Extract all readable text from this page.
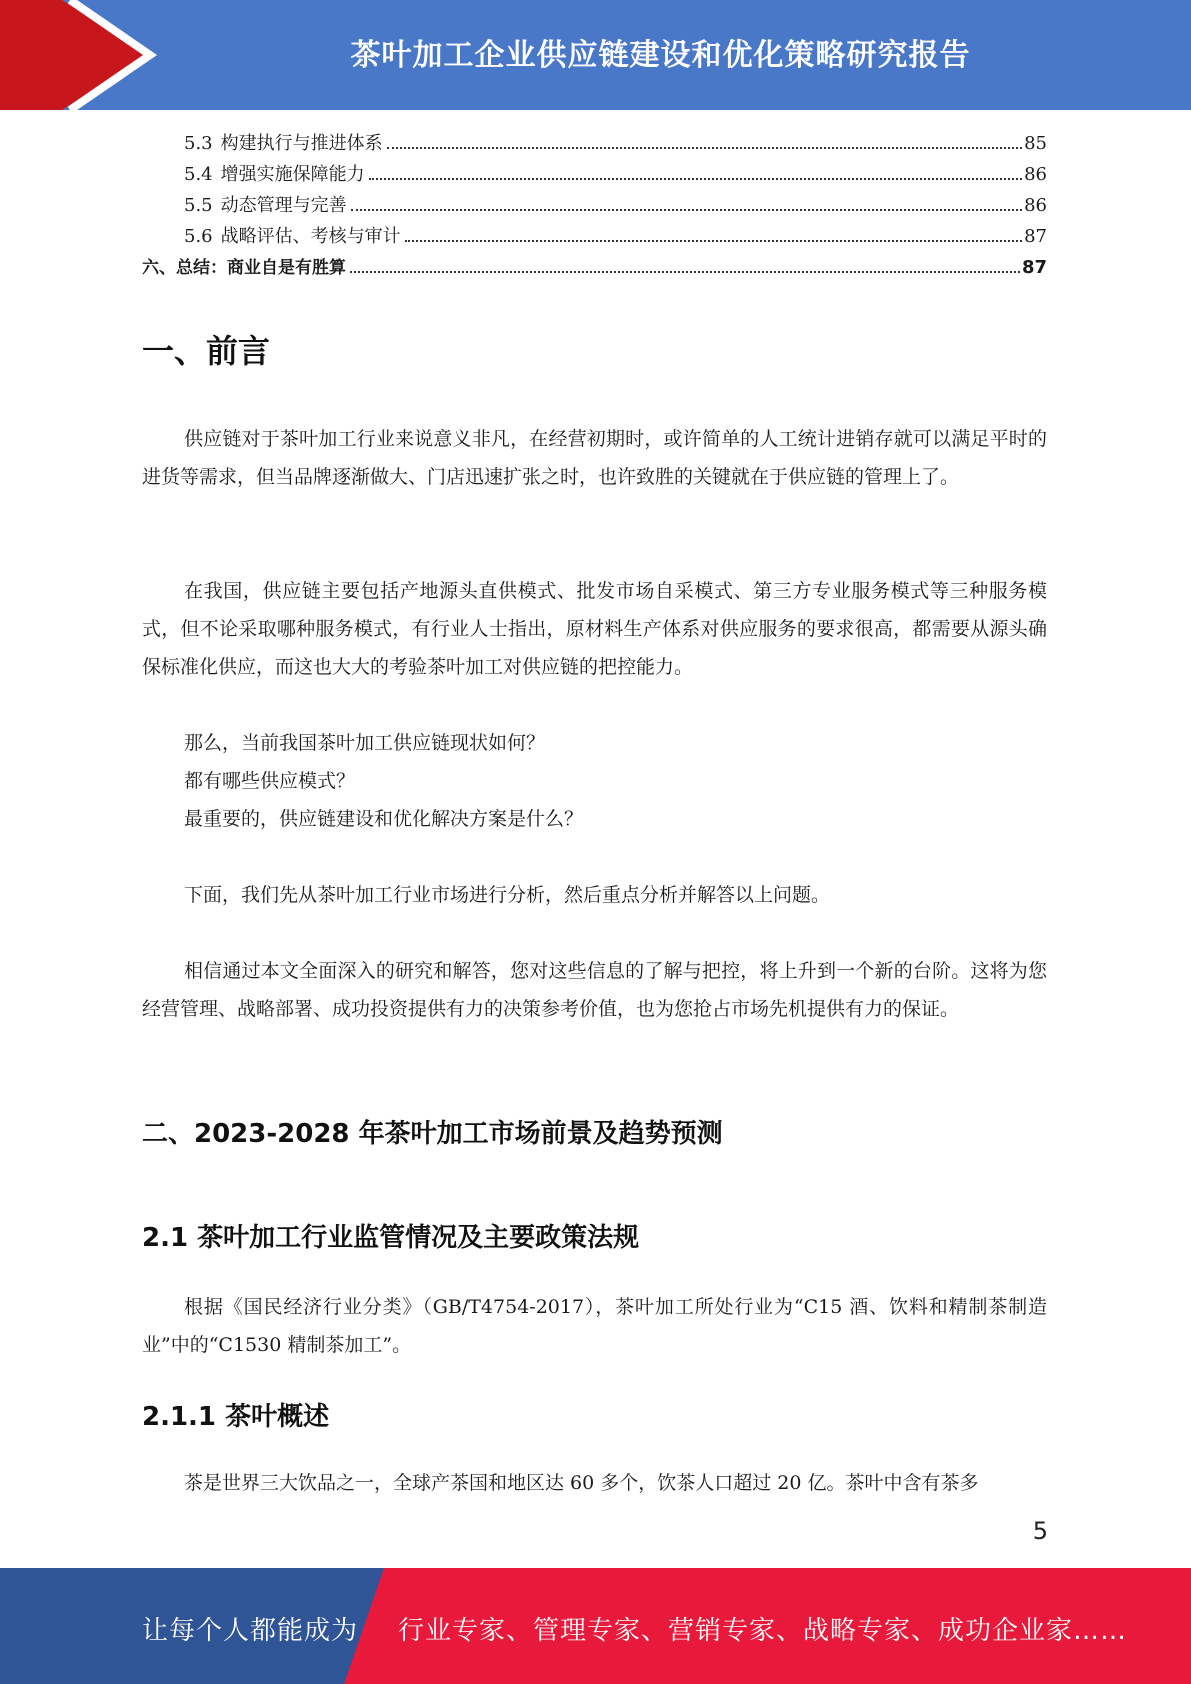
茶叶加工企业供应链建设和优化策略研究报告
5.3 构建执行与推进体系	85
5.4 增强实施保障能力	86
5.5 动态管理与完善	86
5.6 战略评估、考核与审计	87
六、总结：商业自是有胜算	87
一、前言

供应链对于茶叶加工行业来说意义非凡，在经营初期时，或许简单的人工统计进销存就可以满足平时的进货等需求，但当品牌逐渐做大、门店迅速扩张之时，也许致胜的关键就在于供应链的管理上了。

在我国，供应链主要包括产地源头直供模式、批发市场自采模式、第三方专业服务模式等三种服务模式，但不论采取哪种服务模式，有行业人士指出，原材料生产体系对供应服务的要求很高，都需要从源头确保标准化供应，而这也大大的考验茶叶加工对供应链的把控能力。

那么，当前我国茶叶加工供应链现状如何？
都有哪些供应模式？
最重要的，供应链建设和优化解决方案是什么？

下面，我们先从茶叶加工行业市场进行分析，然后重点分析并解答以上问题。

相信通过本文全面深入的研究和解答，您对这些信息的了解与把控，将上升到一个新的台阶。这将为您经营管理、战略部署、成功投资提供有力的决策参考价值，也为您抢占市场先机提供有力的保证。

二、2023-2028 年茶叶加工市场前景及趋势预测
2.1 茶叶加工行业监管情况及主要政策法规

根据《国民经济行业分类》（GB/T4754-2017），茶叶加工所处行业为“C15 酒、饮料和精制茶制造业”中的“C1530 精制茶加工”。

2.1.1 茶叶概述

茶是世界三大饮品之一，全球产茶国和地区达 60 多个，饮茶人口超过 20 亿。茶叶中含有茶多

5
让每个人都能成为 行业专家、管理专家、营销专家、战略专家、成功企业家……
